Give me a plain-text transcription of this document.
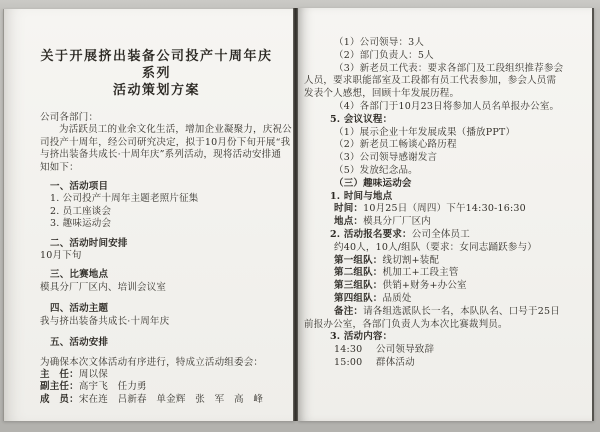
关于开展挤出装备公司投产十周年庆系列
活动策划方案
公司各部门：
为活跃员工的业余文化生活，增加企业凝聚力，庆祝公
司投产十周年，经公司研究决定，拟于10月份下旬开展“我
与挤出装备共成长·十周年庆”系列活动，现将活动安排通
知如下：
一、活动项目
1. 公司投产十周年主题老照片征集
2. 员工座谈会
3. 趣味运动会
二、活动时间安排
10月下旬
三、比赛地点
模具分厂厂区内、培训会议室
四、活动主题
我与挤出装备共成长·十周年庆
五、活动安排
为确保本次文体活动有序进行，特成立活动组委会：
主　任：周以保
副主任：高宇飞　任力勇
成　员：宋在连　吕新春　单金辉　张　军　高　峰
（1）公司领导：3人
（2）部门负责人：5人
（3）新老员工代表：要求各部门及工段组织推荐参会
人员，要求职能部室及工段都有员工代表参加，参会人员需
发表个人感想，回顾十年发展历程。
（4）各部门于10月23日将参加人员名单报办公室。
5. 会议议程：
（1）展示企业十年发展成果（播放PPT）
（2）新老员工畅谈心路历程
（3）公司领导感谢发言
（5）发放纪念品。
（三）趣味运动会
1. 时间与地点
时间：10月25日（周四）下午14:30-16:30
地点：模具分厂厂区内
2. 活动报名要求：公司全体员工
约40人，10人/组队（要求：女同志踊跃参与）
第一组队：线切割+装配
第二组队：机加工+工段主管
第三组队：供销+财务+办公室
第四组队：品质处
备注：请各组选派队长一名，本队队名、口号于25日
前报办公室，各部门负责人为本次比赛裁判员。
3. 活动内容：
14:30 公司领导致辞
15:00 群体活动
